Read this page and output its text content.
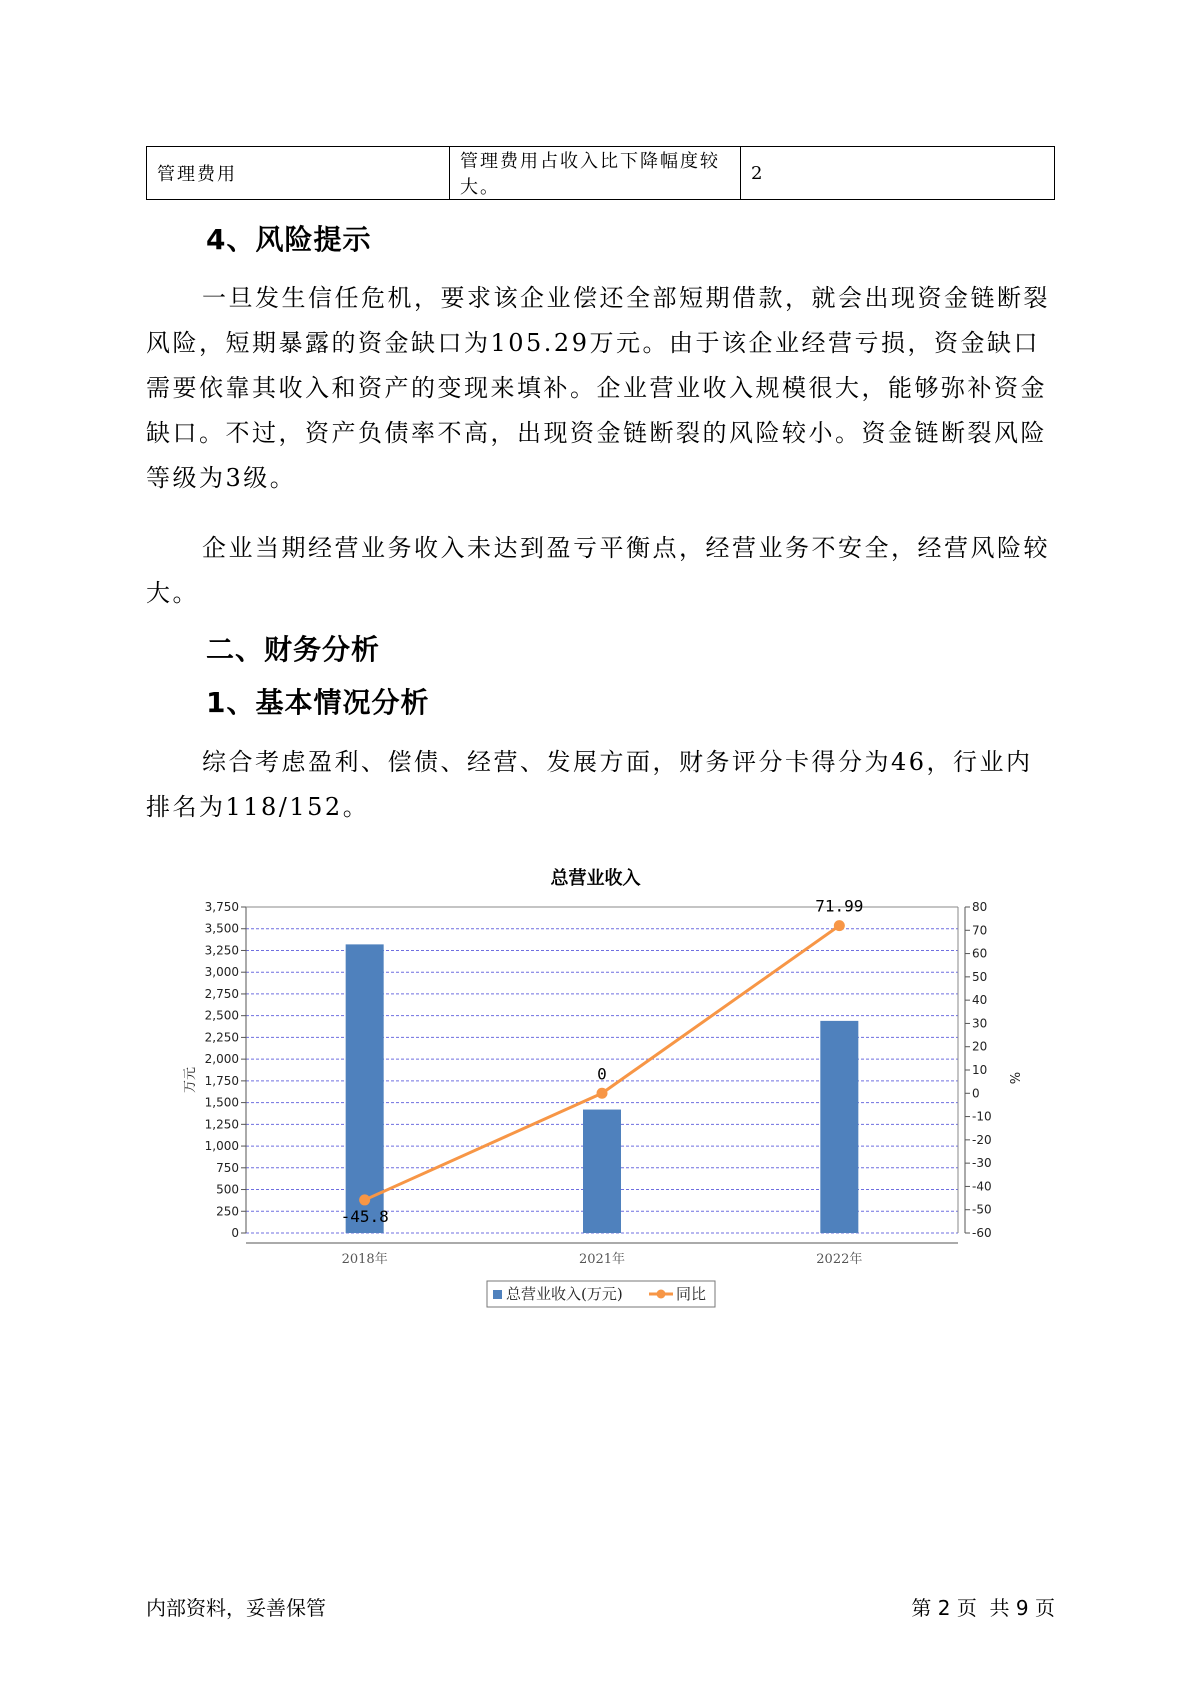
管理费用	管理费用占收入比下降幅度较大。	2
4、风险提示
一旦发生信任危机，要求该企业偿还全部短期借款，就会出现资金链断裂风险，短期暴露的资金缺口为105.29万元。由于该企业经营亏损，资金缺口需要依靠其收入和资产的变现来填补。企业营业收入规模很大，能够弥补资金缺口。不过，资产负债率不高，出现资金链断裂的风险较小。资金链断裂风险等级为3级。
企业当期经营业务收入未达到盈亏平衡点，经营业务不安全，经营风险较大。
二、财务分析
1、基本情况分析
综合考虑盈利、偿债、经营、发展方面，财务评分卡得分为46，行业内排名为118/152。
总营业收入
0
250
500
750
1,000
1,250
1,500
1,750
2,000
2,250
2,500
2,750
3,000
3,250
3,500
3,750
-60
-50
-40
-30
-20
-10
0
10
20
30
40
50
60
70
80
万元	%
2018年	2021年	2022年
-45.8
0
71.99
总营业收入(万元)	同比
内部资料，妥善保管	第 2 页  共 9 页
